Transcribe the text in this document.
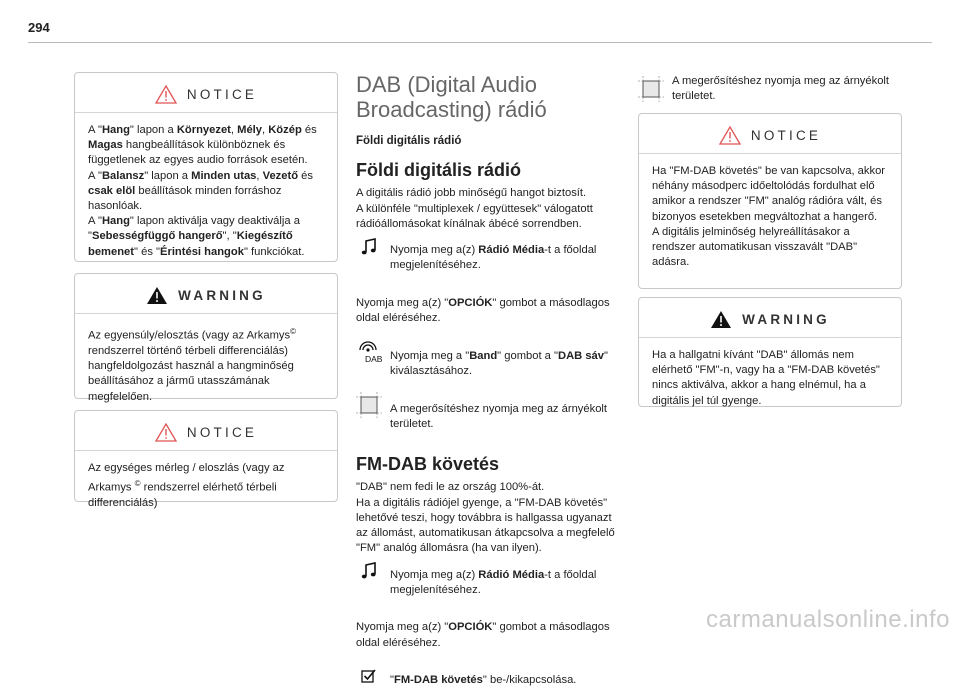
294
NOTICE

A "Hang" lapon a Környezet, Mély, Közép és Magas hangbeállítások különböznek és függetlenek az egyes audio források esetén.

A "Balansz" lapon a Minden utas, Vezető és csak elöl beállítások minden forráshoz hasonlóak.

A "Hang" lapon aktiválja vagy deaktiválja a "Sebességfüggő hangerő", "Kiegészítő bemenet" és "Érintési hangok" funkciókat.

WARNING

Az egyensúly/elosztás (vagy az Arkamys© rendszerrel történő térbeli differenciálás) hangfeldolgozást használ a hangminőség beállításához a jármű utasszámának megfelelően.

NOTICE

Az egységes mérleg / eloszlás (vagy az Arkamys © rendszerrel elérhető térbeli differenciálás)

DAB (Digital Audio Broadcasting) rádió
Földi digitális rádió
Földi digitális rádió
A digitális rádió jobb minőségű hangot biztosít.
A különféle "multiplexek / együttesek" válogatott rádióállomásokat kínálnak ábécé sorrendben.

Nyomja meg a(z) Rádió Média-t a főoldal megjelenítéséhez.

Nyomja meg a(z) "OPCIÓK" gombot a másodlagos oldal eléréséhez.

DAB Nyomja meg a "Band" gombot a "DAB sáv" kiválasztásához.

A megerősítéshez nyomja meg az árnyékolt területet.

FM-DAB követés
"DAB" nem fedi le az ország 100%-át.
Ha a digitális rádiójel gyenge, a "FM-DAB követés" lehetővé teszi, hogy továbbra is hallgassa ugyanazt az állomást, automatikusan átkapcsolva a megfelelő "FM" analóg állomásra (ha van ilyen).

Nyomja meg a(z) Rádió Média-t a főoldal megjelenítéséhez.

Nyomja meg a(z) "OPCIÓK" gombot a másodlagos oldal eléréséhez.

"FM-DAB követés" be-/kikapcsolása.

A megerősítéshez nyomja meg az árnyékolt területet.
NOTICE

Ha "FM-DAB követés" be van kapcsolva, akkor néhány másodperc időeltolódás fordulhat elő amikor a rendszer "FM" analóg rádióra vált, és bizonyos esetekben megváltozhat a hangerő.

A digitális jelminőség helyreállításakor a rendszer automatikusan visszavált "DAB" adásra.

WARNING

Ha a hallgatni kívánt "DAB" állomás nem elérhető "FM"-n, vagy ha a "FM-DAB követés" nincs aktiválva, akkor a hang elnémul, ha a digitális jel túl gyenge.

carmanualsonline.info
